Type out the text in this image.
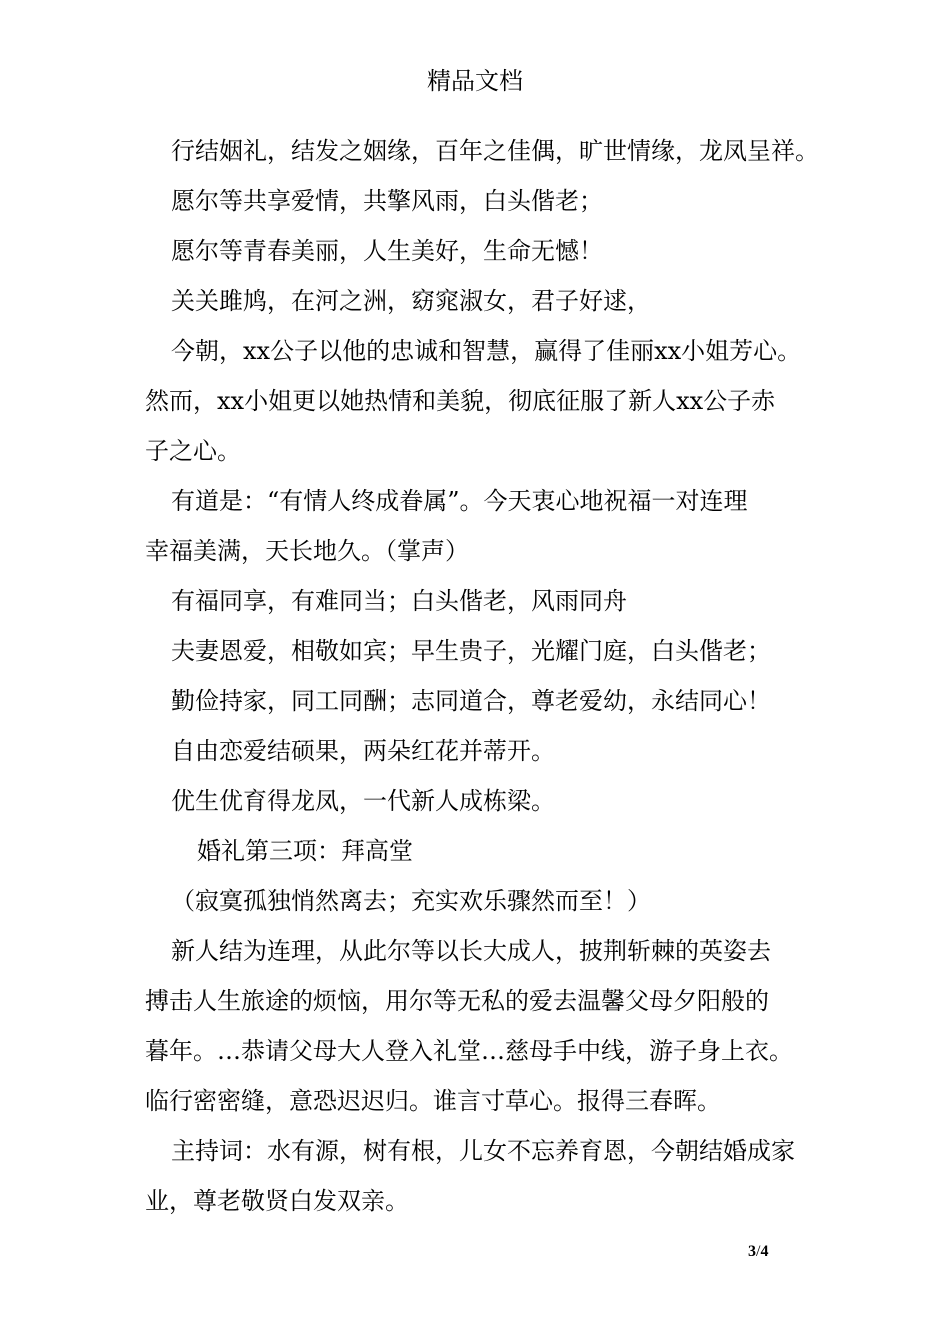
精品文档
行结姻礼，结发之姻缘，百年之佳偶，旷世情缘，龙凤呈祥。
愿尔等共享爱情，共擎风雨，白头偕老；
愿尔等青春美丽，人生美好，生命无憾！
关关雎鸠，在河之洲，窈窕淑女，君子好逑，
今朝，xx公子以他的忠诚和智慧，赢得了佳丽xx小姐芳心。
然而，xx小姐更以她热情和美貌，彻底征服了新人xx公子赤
子之心。
有道是：“有情人终成眷属”。今天衷心地祝福一对连理
幸福美满，天长地久。（掌声）
有福同享，有难同当；白头偕老，风雨同舟
夫妻恩爱，相敬如宾；早生贵子，光耀门庭，白头偕老；
勤俭持家，同工同酬；志同道合，尊老爱幼，永结同心！
自由恋爱结硕果，两朵红花并蒂开。
优生优育得龙凤，一代新人成栋梁。
婚礼第三项：拜高堂
（寂寞孤独悄然离去；充实欢乐骤然而至！）
新人结为连理，从此尔等以长大成人，披荆斩棘的英姿去
搏击人生旅途的烦恼，用尔等无私的爱去温馨父母夕阳般的
暮年。…恭请父母大人登入礼堂…慈母手中线，游子身上衣。
临行密密缝，意恐迟迟归。谁言寸草心。报得三春晖。
主持词：水有源，树有根，儿女不忘养育恩，今朝结婚成家
业，尊老敬贤白发双亲。
3/4
